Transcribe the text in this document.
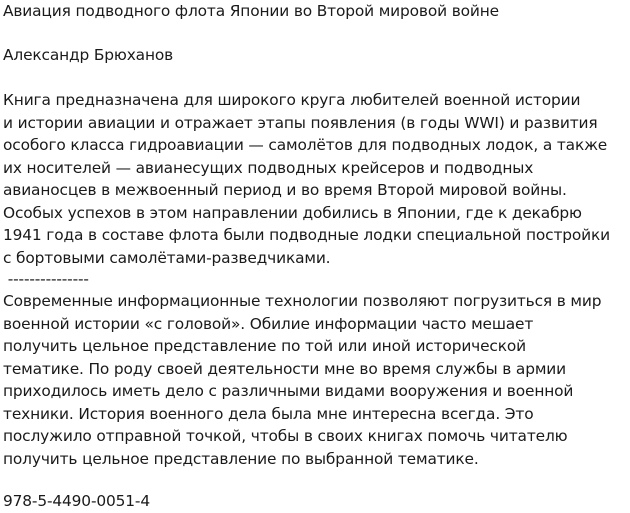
Авиация подводного флота Японии во Второй мировой войне
Александр Брюханов
Книга предназначена для широкого круга любителей военной истории
и истории авиации и отражает этапы появления (в годы WWI) и развития
особого класса гидроавиации — самолётов для подводных лодок, а также
их носителей — авианесущих подводных крейсеров и подводных
авианосцев в межвоенный период и во время Второй мировой войны.
Особых успехов в этом направлении добились в Японии, где к декабрю
1941 года в составе флота были подводные лодки специальной постройки
с бортовыми самолётами-разведчиками.
---------------
Современные информационные технологии позволяют погрузиться в мир
военной истории «с головой». Обилие информации часто мешает
получить цельное представление по той или иной исторической
тематике. По роду своей деятельности мне во время службы в армии
приходилось иметь дело с различными видами вооружения и военной
техники. История военного дела была мне интересна всегда. Это
послужило отправной точкой, чтобы в своих книгах помочь читателю
получить цельное представление по выбранной тематике.
978-5-4490-0051-4
